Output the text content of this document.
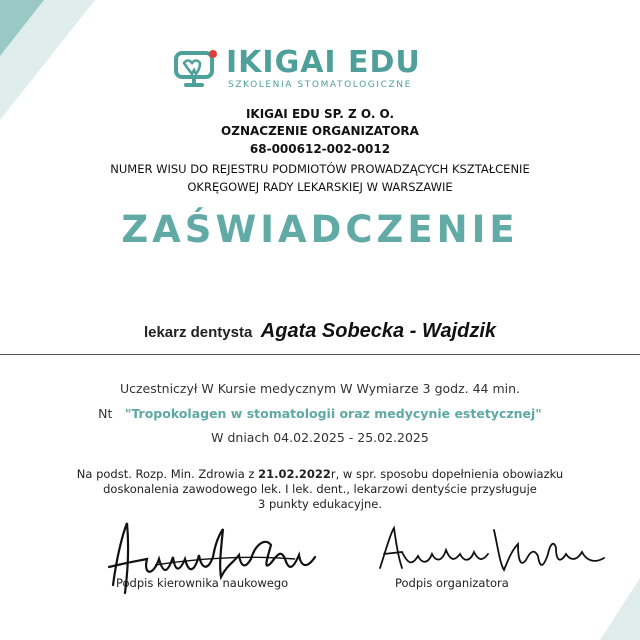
IKIGAI EDU
SZKOLENIA STOMATOLOGICZNE
IKIGAI EDU SP. Z O. O.
OZNACZENIE ORGANIZATORA
68-000612-002-0012
NUMER WISU DO REJESTRU PODMIOTÓW PROWADZĄCYCH KSZTAŁCENIE
OKRĘGOWEJ RADY LEKARSKIEJ W WARSZAWIE
ZAŚWIADCZENIE
lekarz dentysta Agata Sobecka - Wajdzik
Uczestniczył W Kursie medycznym W Wymiarze 3 godz. 44 min.
Nt "Tropokolagen w stomatologii oraz medycynie estetycznej"
W dniach 04.02.2025 - 25.02.2025
Na podst. Rozp. Min. Zdrowia z 21.02.2022r, w spr. sposobu dopełnienia obowiazku
doskonalenia zawodowego lek. I lek. dent., lekarzowi dentyście przysługuje
3 punkty edukacyjne.
Podpis kierownika naukowego	Podpis organizatora
